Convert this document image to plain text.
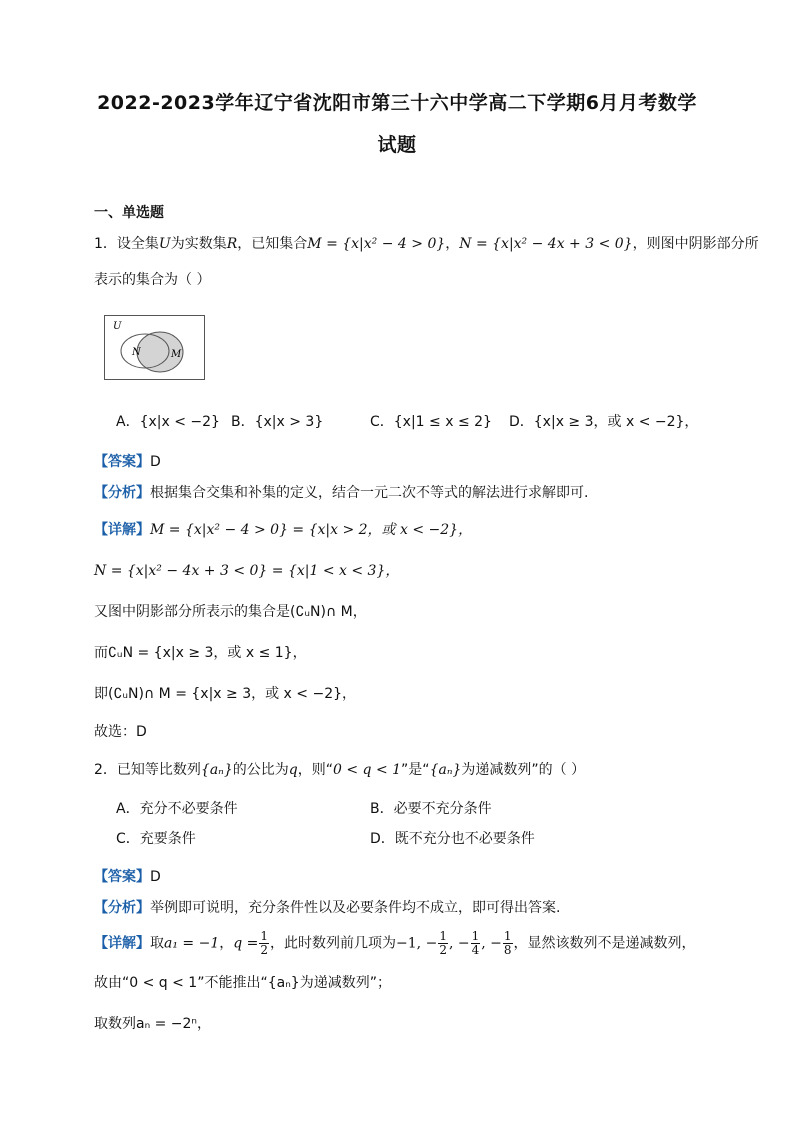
2022-2023学年辽宁省沈阳市第三十六中学高二下学期6月月考数学
试题
一、单选题
1．设全集U为实数集R，已知集合M = {x|x² − 4 > 0}，N = {x|x² − 4x + 3 < 0}，则图中阴影部分所
表示的集合为（ ）
U
N	M
A．{x|x < −2} B．{x|x > 3}	C．{x|1 ≤ x ≤ 2} D．{x|x ≥ 3，或 x < −2}，
【答案】D
【分析】根据集合交集和补集的定义，结合一元二次不等式的解法进行求解即可.
【详解】M = {x|x² − 4 > 0} = {x|x > 2，或 x < −2}，
N = {x|x² − 4x + 3 < 0} = {x|1 < x < 3}，
又图中阴影部分所表示的集合是(∁ᵤN)∩ M，
而∁ᵤN = {x|x ≥ 3，或 x ≤ 1}，
即(∁ᵤN)∩ M = {x|x ≥ 3，或 x < −2}，
故选：D
2．已知等比数列{aₙ}的公比为q，则“0 < q < 1”是“{aₙ}为递减数列”的（ ）
A．充分不必要条件	B．必要不充分条件
C．充要条件	D．既不充分也不必要条件
【答案】D
【分析】举例即可说明，充分条件性以及必要条件均不成立，即可得出答案.
【详解】取a₁ = −1，$q = \frac{1}{2}$ ，此时数列前几项为−1, − $\frac{1}{2}$ , − $\frac{1}{4}$ , − $\frac{1}{8}$ ，显然该数列不是递减数列，
故由“0 < q < 1”不能推出“{aₙ}为递减数列”；
取数列aₙ = −2ⁿ，
